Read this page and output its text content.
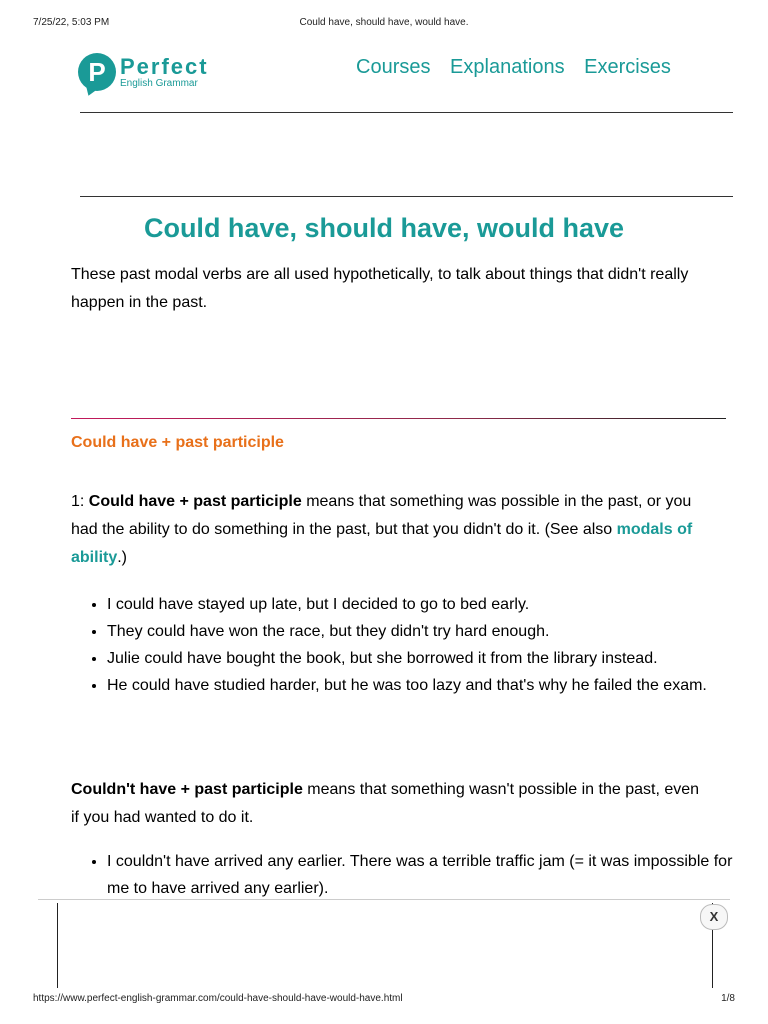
7/25/22, 5:03 PM	Could have, should have, would have.
P Perfect
English Grammar
Courses Explanations Exercises
Could have, should have, would have

These past modal verbs are all used hypothetically, to talk about things that didn't really happen in the past.

Could have + past participle

1: Could have + past participle means that something was possible in the past, or you had the ability to do something in the past, but that you didn't do it. (See also modals of ability.)

• I could have stayed up late, but I decided to go to bed early.
• They could have won the race, but they didn't try hard enough.
• Julie could have bought the book, but she borrowed it from the library instead.
• He could have studied harder, but he was too lazy and that's why he failed the exam.

Couldn't have + past participle means that something wasn't possible in the past, even if you had wanted to do it.

• I couldn't have arrived any earlier. There was a terrible traffic jam (= it was impossible for me to have arrived any earlier).
X
https://www.perfect-english-grammar.com/could-have-should-have-would-have.html	1/8
